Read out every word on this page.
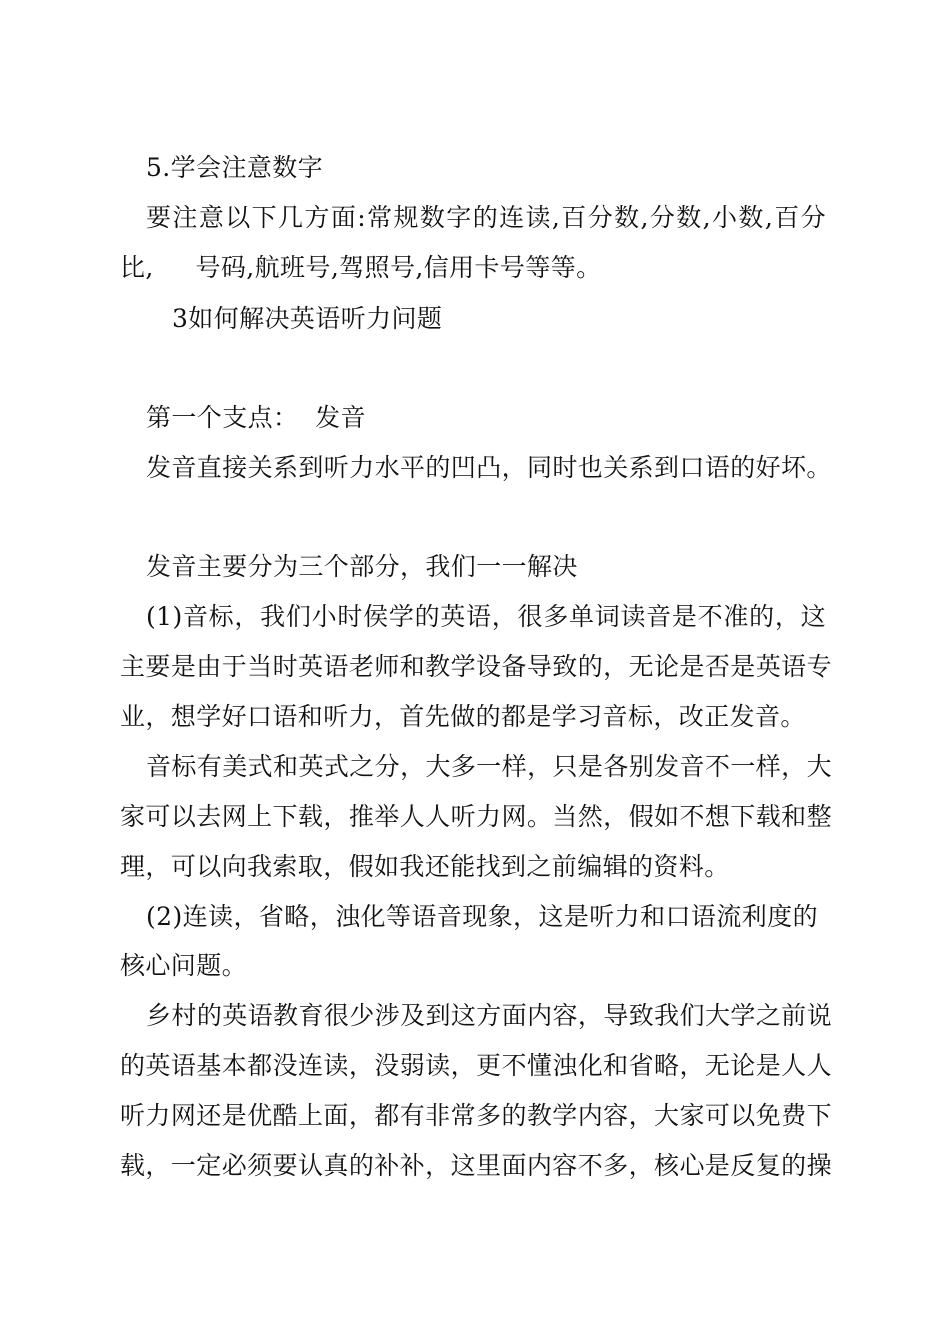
5.学会注意数字
要注意以下几方面:常规数字的连读,百分数,分数,小数,百分
比,     号码,航班号,驾照号,信用卡号等等。
3如何解决英语听力问题
第一个支点：  发音
发音直接关系到听力水平的凹凸，同时也关系到口语的好坏。
发音主要分为三个部分，我们一一解决
(1)音标，我们小时侯学的英语，很多单词读音是不准的，这
主要是由于当时英语老师和教学设备导致的，无论是否是英语专
业，想学好口语和听力，首先做的都是学习音标，改正发音。
音标有美式和英式之分，大多一样，只是各别发音不一样，大
家可以去网上下载，推举人人听力网。当然，假如不想下载和整
理，可以向我索取，假如我还能找到之前编辑的资料。
(2)连读，省略，浊化等语音现象，这是听力和口语流利度的
核心问题。
乡村的英语教育很少涉及到这方面内容，导致我们大学之前说
的英语基本都没连读，没弱读，更不懂浊化和省略，无论是人人
听力网还是优酷上面，都有非常多的教学内容，大家可以免费下
载，一定必须要认真的补补，这里面内容不多，核心是反复的操
